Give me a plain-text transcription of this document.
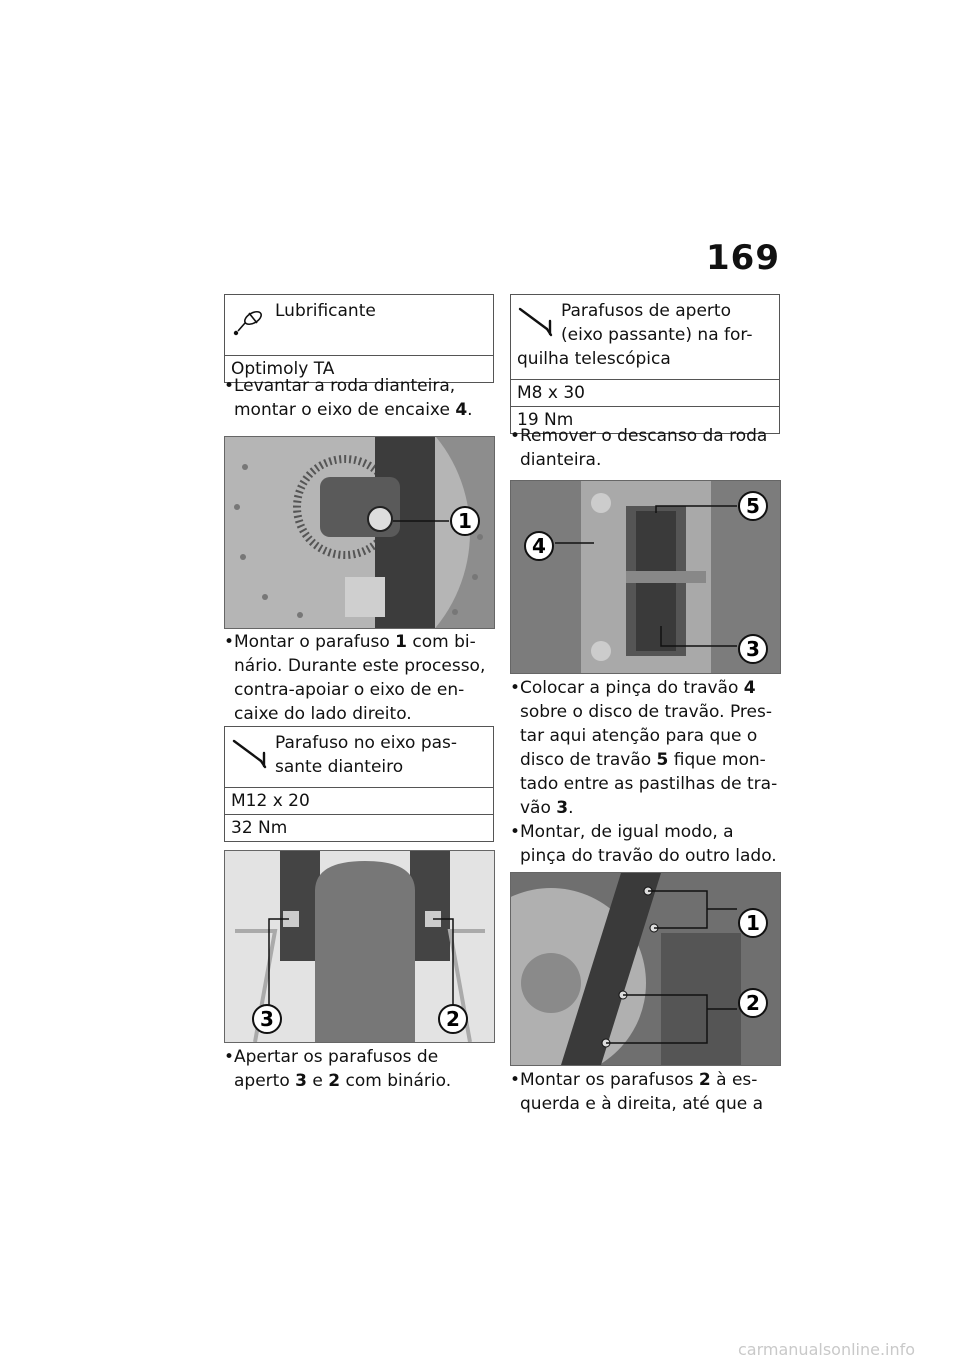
169
Lubrificante
Optimoly TA

• Levantar a roda dianteira,
montar o eixo de encaixe 4.

1

• Montar o parafuso 1 com bi-
nário. Durante este processo,
contra-apoiar o eixo de en-
caixe do lado direito.

Parafuso no eixo pas-
sante dianteiro
M12 x 20
32 Nm
3	2

• Apertar os parafusos de
aperto 3 e 2 com binário.

Parafusos de aperto
(eixo passante) na for-
quilha telescópica
M8 x 30
19 Nm

• Remover o descanso da roda
dianteira.

5
4
3

• Colocar a pinça do travão 4
sobre o disco de travão. Pres-
tar aqui atenção para que o
disco de travão 5 fique mon-
tado entre as pastilhas de tra-
vão 3.

• Montar, de igual modo, a
pinça do travão do outro lado.

1
2

• Montar os parafusos 2 à es-
querda e à direita, até que a

carmanualsonline.info
